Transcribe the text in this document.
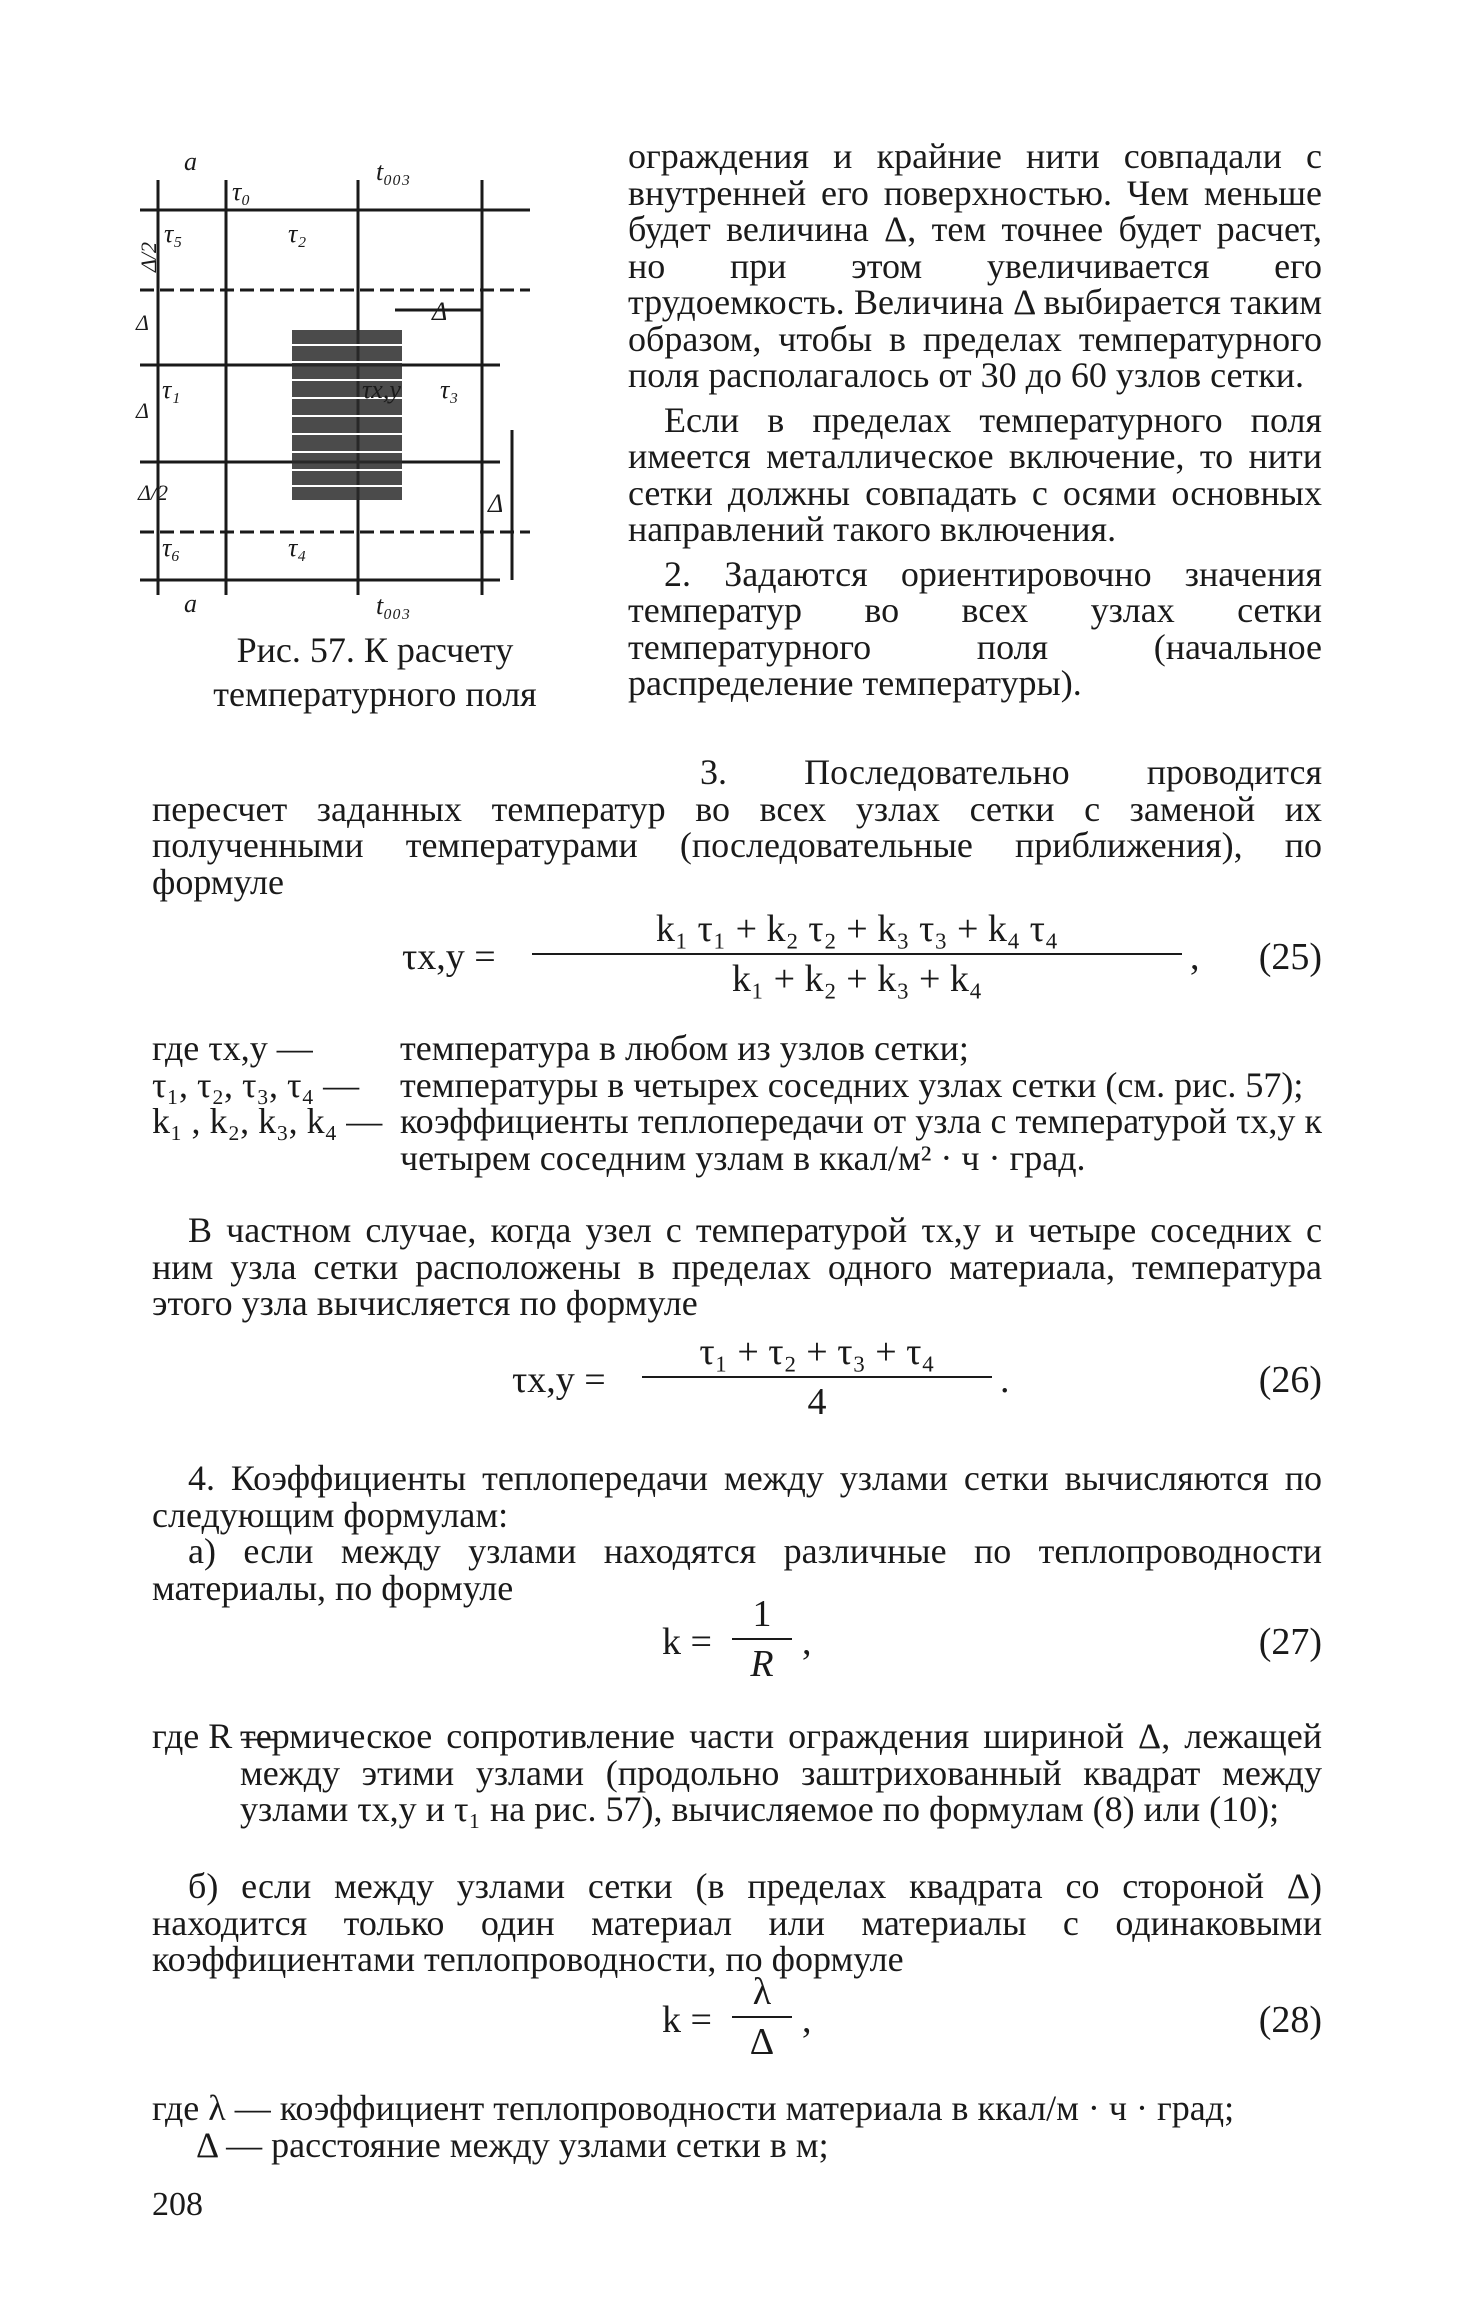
a
τ₀
t₀₀₃
τ₅	τ₂
Δ
τ₁	τx,y τ₃
Δ
τ₆	τ₄
a	t₀₀₃
Δ/2
Δ
Δ
Δ/2
Рис. 57. К расчету температурного поля

ограждения и крайние нити совпадали с внутренней его поверхностью. Чем меньше будет величина Δ, тем точнее будет расчет, но при этом увеличивается его трудоемкость. Величина Δ выбирается таким образом, чтобы в пределах температурного поля располагалось от 30 до 60 узлов сетки.

Если в пределах температурного поля имеется металлическое включение, то нити сетки должны совпадать с осями основных направлений такого включения.

2. Задаются ориентировочно значения температур во всех узлах сетки температурного поля (начальное распределение температуры).

3. Последовательно проводится пересчет заданных температур во всех узлах сетки с заменой их полученными температурами (последовательные приближения), по формуле

τx,y =
k₁ τ₁ + k₂ τ₂ + k₃ τ₃ + k₄ τ₄
k₁ + k₂ + k₃ + k₄
, (25)
где τx,y —	температура в любом из узлов сетки;
τ₁, τ₂, τ₃, τ₄ —	температуры в четырех соседних узлах сетки (см. рис. 57);
k₁ , k₂, k₃, k₄ — коэффициенты теплопередачи от узла с температурой τx,y к четырем соседним узлам в ккал/м² · ч · град.

В частном случае, когда узел с температурой τx,y и четыре соседних с ним узла сетки расположены в пределах одного материала, температура этого узла вычисляется по формуле

τx,y =
τ₁ + τ₂ + τ₃ + τ₄
4
.	(26)

4. Коэффициенты теплопередачи между узлами сетки вычисляются по следующим формулам:

а) если между узлами находятся различные по теплопроводности материалы, по формуле

k =
1
R
,	(27)
где R —
термическое сопротивление части ограждения шириной Δ, лежащей между этими узлами (продольно заштрихованный квадрат между узлами τx,y и τ₁ на рис. 57), вычисляемое по формулам (8) или (10);

б) если между узлами сетки (в пределах квадрата со стороной Δ) находится только один материал или материалы с одинаковыми коэффициентами теплопроводности, по формуле

k =
λ
Δ
,	(28)

где λ — коэффициент теплопроводности материала в ккал/м · ч · град;

Δ — расстояние между узлами сетки в м;

208
